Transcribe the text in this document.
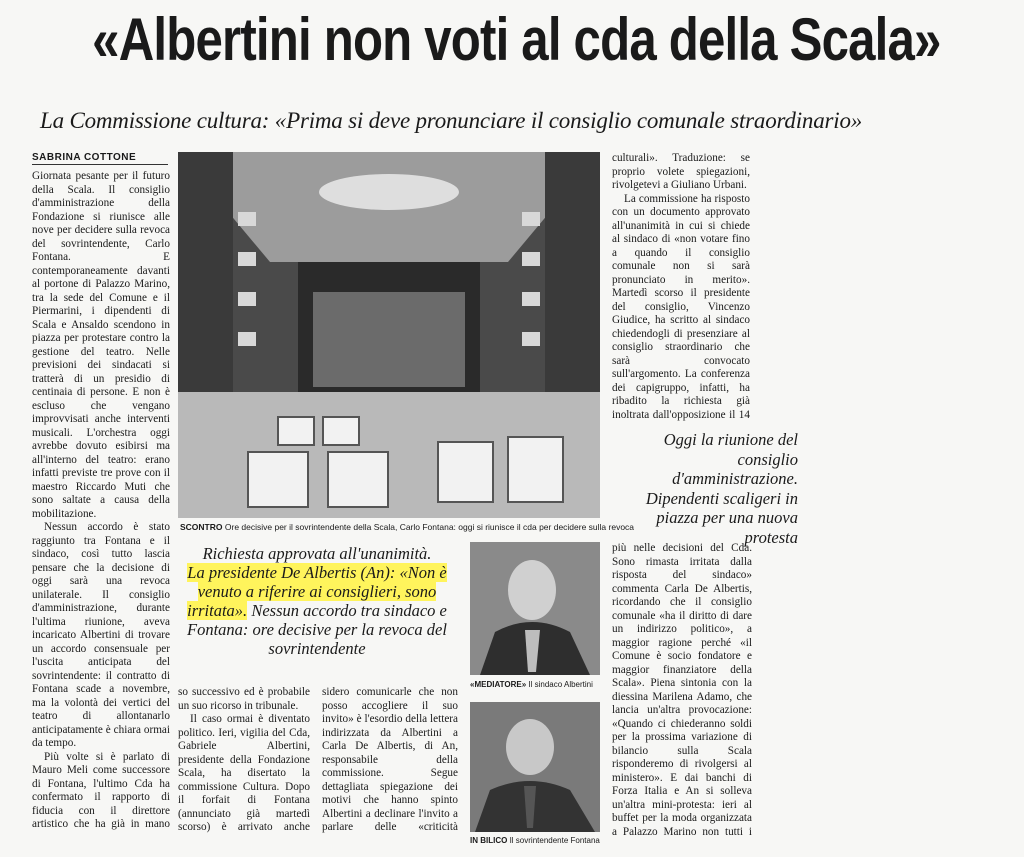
«Albertini non voti al cda della Scala»
La Commissione cultura: «Prima si deve pronunciare il consiglio comunale straordinario»
SABRINA COTTONE

Giornata pesante per il futuro della Scala. Il consiglio d'amministrazione della Fondazione si riunisce alle nove per decidere sulla revoca del sovrintendente, Carlo Fontana. E contemporaneamente davanti al portone di Palazzo Marino, tra la sede del Comune e il Piermarini, i dipendenti di Scala e Ansaldo scendono in piazza per protestare contro la gestione del teatro. Nelle previsioni dei sindacati si tratterà di un presidio di centinaia di persone. E non è escluso che vengano improvvisati anche interventi musicali. L'orchestra oggi avrebbe dovuto esibirsi ma all'interno del teatro: erano infatti previste tre prove con il maestro Riccardo Muti che sono saltate a causa della mobilitazione.

Nessun accordo è stato raggiunto tra Fontana e il sindaco, così tutto lascia pensare che la decisione di oggi sarà una revoca unilaterale. Il consiglio d'amministrazione, durante l'ultima riunione, aveva incaricato Albertini di trovare un accordo consensuale per l'uscita anticipata del sovrintendente: il contratto di Fontana scade a novembre, ma la volontà dei vertici del teatro di allontanarlo anticipatamente è chiara ormai da tempo.

Più volte si è parlato di Mauro Meli come successore di Fontana, l'ultimo Cda ha confermato il rapporto di fiducia con il direttore artistico che ha già in mano

SCONTRO Ore decisive per il sovrintendente della Scala, Carlo Fontana: oggi si riunisce il cda per decidere sulla revoca

culturali». Traduzione: se proprio volete spiegazioni, rivolgetevi a Giuliano Urbani.

La commissione ha risposto con un documento approvato all'unanimità in cui si chiede al sindaco di «non votare fino a quando il consiglio comunale non si sarà pronunciato in merito». Martedì scorso il presidente del consiglio, Vincenzo Giudice, ha scritto al sindaco chiedendogli di presenziare al consiglio straordinario che sarà convocato sull'argomento. La conferenza dei capigruppo, infatti, ha ribadito la richiesta già inoltrata dall'opposizione il 14

Oggi la riunione del consiglio d'amministrazione. Dipendenti scaligeri in piazza per una nuova protesta
Richiesta approvata all'unanimità.
La presidente De Albertis (An): «Non è venuto a riferire ai consiglieri, sono irritata». Nessun accordo tra sindaco e Fontana: ore decisive per la revoca del sovrintendente

so successivo ed è probabile un suo ricorso in tribunale.

Il caso ormai è diventato politico. Ieri, vigilia del Cda, Gabriele Albertini, presidente della Fondazione Scala, ha disertato la commissione Cultura. Dopo il forfait di Fontana (annunciato già martedì scorso) è arrivato anche

sidero comunicarle che non posso accogliere il suo invito» è l'esordio della lettera indirizzata da Albertini a Carla De Albertis, di An, responsabile della commissione. Segue dettagliata spiegazione dei motivi che hanno spinto Albertini a declinare l'invito a parlare delle «criticità

«MEDIATORE» Il sindaco Albertini
IN BILICO Il sovrintendente Fontana

più nelle decisioni del Cda. Sono rimasta irritata dalla risposta del sindaco» commenta Carla De Albertis, ricordando che il consiglio comunale «ha il diritto di dare un indirizzo politico», a maggior ragione perché «il Comune è socio fondatore e maggior finanziatore della Scala». Piena sintonia con la diessina Marilena Adamo, che lancia un'altra provocazione: «Quando ci chiederanno soldi per la prossima variazione di bilancio sulla Scala risponderemo di rivolgersi al ministero». E dai banchi di Forza Italia e An si solleva un'altra mini-protesta: ieri al buffet per la moda organizzata a Palazzo Marino non tutti i
